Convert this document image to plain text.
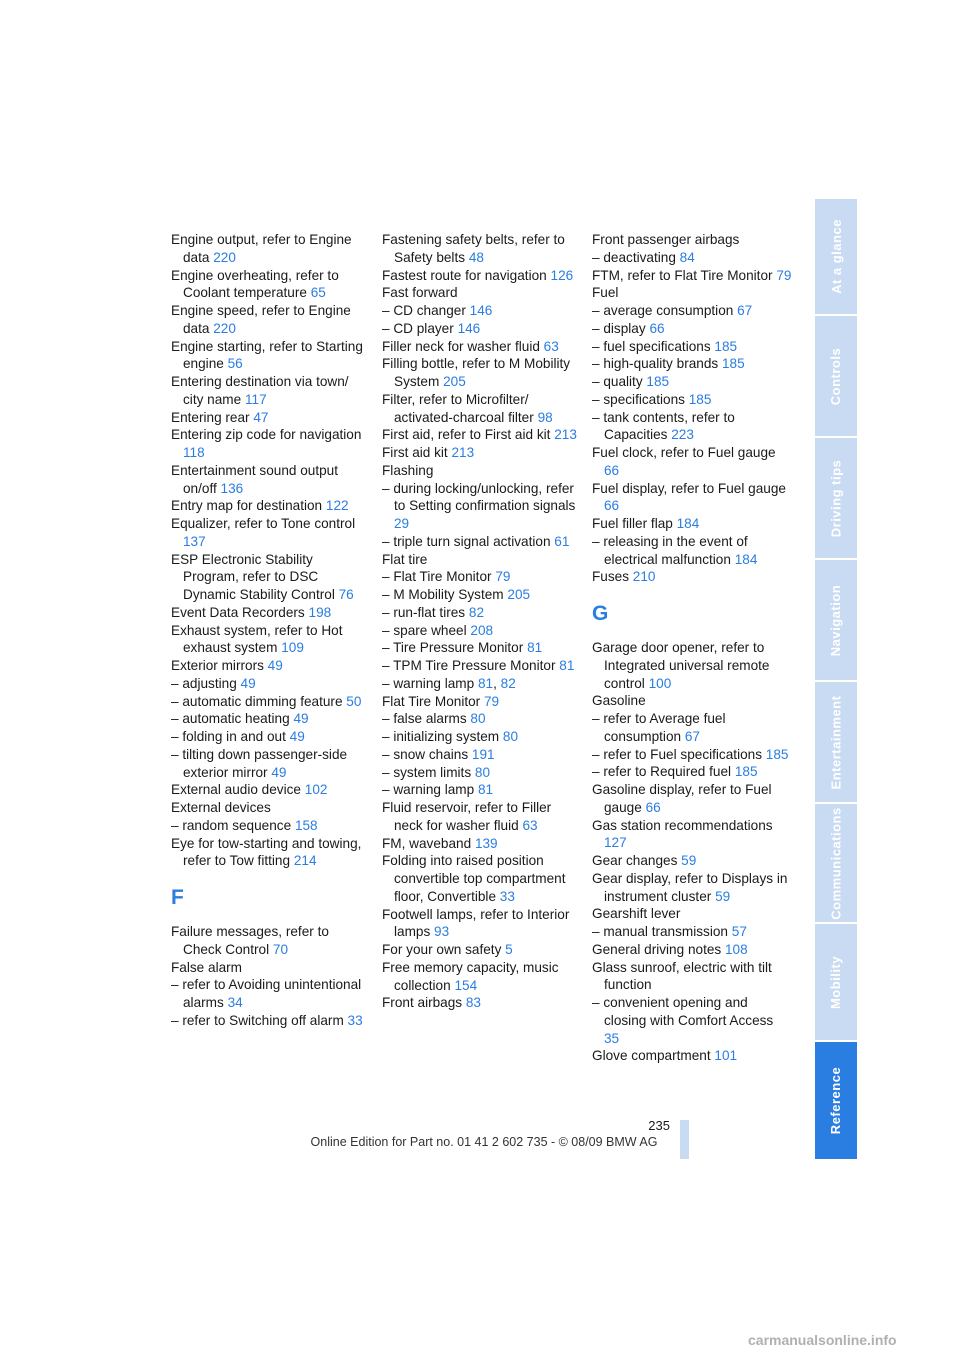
Engine output, refer to Engine data 220

Engine overheating, refer to Coolant temperature 65

Engine speed, refer to Engine data 220

Engine starting, refer to Starting engine 56

Entering destination via town/ city name 117

Entering rear 47

Entering zip code for navigation 118

Entertainment sound output on/off 136

Entry map for destination 122

Equalizer, refer to Tone control 137

ESP Electronic Stability Program, refer to DSC Dynamic Stability Control 76

Event Data Recorders 198

Exhaust system, refer to Hot exhaust system 109

Exterior mirrors 49

– adjusting 49

– automatic dimming feature 50

– automatic heating 49

– folding in and out 49

– tilting down passenger-side exterior mirror 49

External audio device 102

External devices

– random sequence 158

Eye for tow-starting and towing, refer to Tow fitting 214

F

Failure messages, refer to Check Control 70

False alarm

– refer to Avoiding unintentional alarms 34

– refer to Switching off alarm 33

Fastening safety belts, refer to Safety belts 48

Fastest route for navigation 126

Fast forward

– CD changer 146

– CD player 146

Filler neck for washer fluid 63

Filling bottle, refer to M Mobility System 205

Filter, refer to Microfilter/ activated-charcoal filter 98

First aid, refer to First aid kit 213

First aid kit 213

Flashing

– during locking/unlocking, refer to Setting confirmation signals 29

– triple turn signal activation 61

Flat tire

– Flat Tire Monitor 79

– M Mobility System 205

– run-flat tires 82

– spare wheel 208

– Tire Pressure Monitor 81

– TPM Tire Pressure Monitor 81

– warning lamp 81, 82

Flat Tire Monitor 79

– false alarms 80

– initializing system 80

– snow chains 191

– system limits 80

– warning lamp 81

Fluid reservoir, refer to Filler neck for washer fluid 63

FM, waveband 139

Folding into raised position convertible top compartment floor, Convertible 33

Footwell lamps, refer to Interior lamps 93

For your own safety 5

Free memory capacity, music collection 154

Front airbags 83

Front passenger airbags

– deactivating 84

FTM, refer to Flat Tire Monitor 79

Fuel

– average consumption 67

– display 66

– fuel specifications 185

– high-quality brands 185

– quality 185

– specifications 185

– tank contents, refer to Capacities 223

Fuel clock, refer to Fuel gauge 66

Fuel display, refer to Fuel gauge 66

Fuel filler flap 184

– releasing in the event of electrical malfunction 184

Fuses 210

G

Garage door opener, refer to Integrated universal remote control 100

Gasoline

– refer to Average fuel consumption 67

– refer to Fuel specifications 185

– refer to Required fuel 185

Gasoline display, refer to Fuel gauge 66

Gas station recommendations 127

Gear changes 59

Gear display, refer to Displays in instrument cluster 59

Gearshift lever

– manual transmission 57

General driving notes 108

Glass sunroof, electric with tilt function

– convenient opening and closing with Comfort Access 35

Glove compartment 101

At a glance
Controls
Driving tips
Navigation
Entertainment
Communications
Mobility
Reference
235
Online Edition for Part no. 01 41 2 602 735 - © 08/09 BMW AG
carmanualsonline.info
